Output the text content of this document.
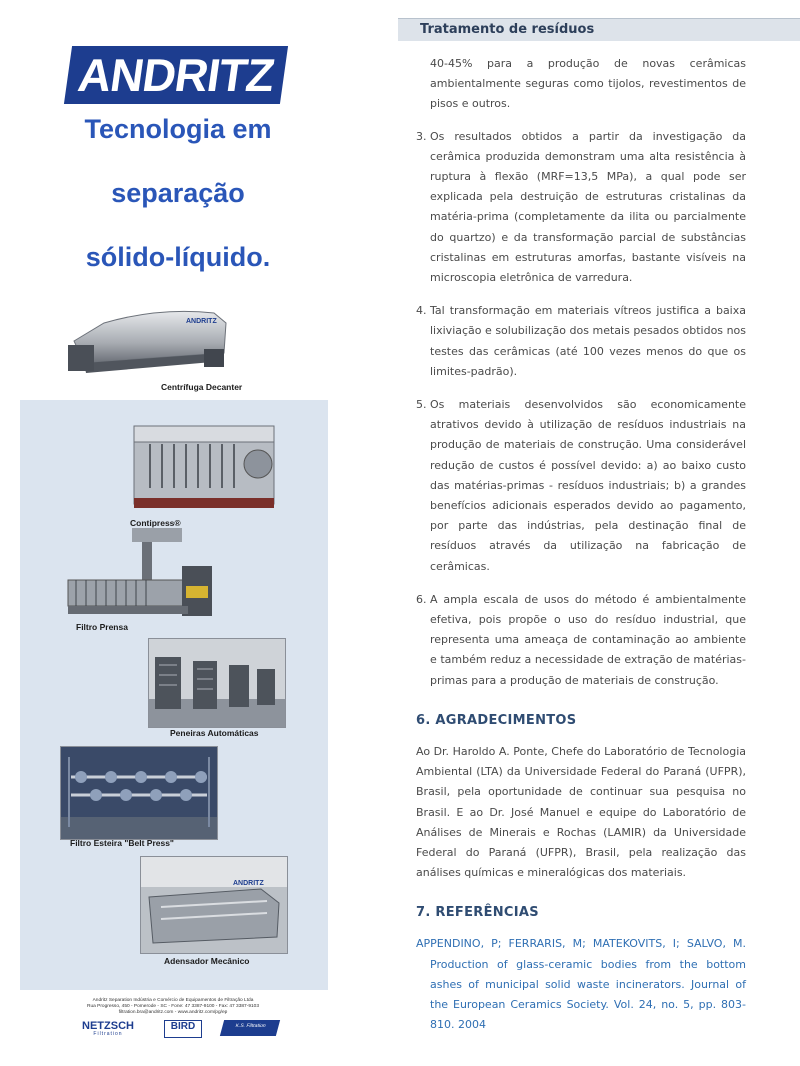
ANDRITZ
Tecnologia em
separação
sólido-líquido.
ANDRITZ
Centrífuga Decanter
Contipress®
Filtro Prensa
Peneiras Automáticas
Filtro Esteira "Belt Press"
ANDRITZ
Adensador Mecânico
Andritz Separation Indústria e Comércio de Equipamentos de Filtração Ltda
Rua Progresso, 450 - Pomerode - SC - Fone: 47 3387-9100 - Fax: 47 3387-9103
filtration.bra@andritz.com - www.andritz.com/pg/ep
NETZSCH
Filtration
BIRD	K.S. Filtration
Tratamento de resíduos

40-45% para a produção de novas cerâmicas ambientalmente seguras como tijolos, revestimentos de pisos e outros.

3. Os resultados obtidos a partir da investigação da cerâmica produzida demonstram uma alta resistência à ruptura à flexão (MRF=13,5 MPa), a qual pode ser explicada pela destruição de estruturas cristalinas da matéria-prima (completamente da ilita ou parcialmente do quartzo) e da transformação parcial de substâncias cristalinas em estruturas amorfas, bastante visíveis na microscopia eletrônica de varredura.
4. Tal transformação em materiais vítreos justifica a baixa lixiviação e solubilização dos metais pesados obtidos nos testes das cerâmicas (até 100 vezes menos do que os limites-padrão).
5. Os materiais desenvolvidos são economicamente atrativos devido à utilização de resíduos industriais na produção de materiais de construção. Uma considerável redução de custos é possível devido: a) ao baixo custo das matérias-primas - resíduos industriais; b) a grandes benefícios adicionais esperados devido ao pagamento, por parte das indústrias, pela destinação final de resíduos através da utilização na fabricação de cerâmicas.
6. A ampla escala de usos do método é ambientalmente efetiva, pois propõe o uso do resíduo industrial, que representa uma ameaça de contaminação ao ambiente e também reduz a necessidade de extração de matérias-primas para a produção de materiais de construção.
6. AGRADECIMENTOS

Ao Dr. Haroldo A. Ponte, Chefe do Laboratório de Tecnologia Ambiental (LTA) da Universidade Federal do Paraná (UFPR), Brasil, pela oportunidade de continuar sua pesquisa no Brasil. E ao Dr. José Manuel e equipe do Laboratório de Análises de Minerais e Rochas (LAMIR) da Universidade Federal do Paraná (UFPR), Brasil, pela realização das análises químicas e mineralógicas dos materiais.

7. REFERÊNCIAS

APPENDINO, P; FERRARIS, M; MATEKOVITS, I; SALVO, M. Production of glass-ceramic bodies from the bottom ashes of municipal solid waste incinerators. Journal of the European Ceramics Society. Vol. 24, no. 5, pp. 803-810. 2004
